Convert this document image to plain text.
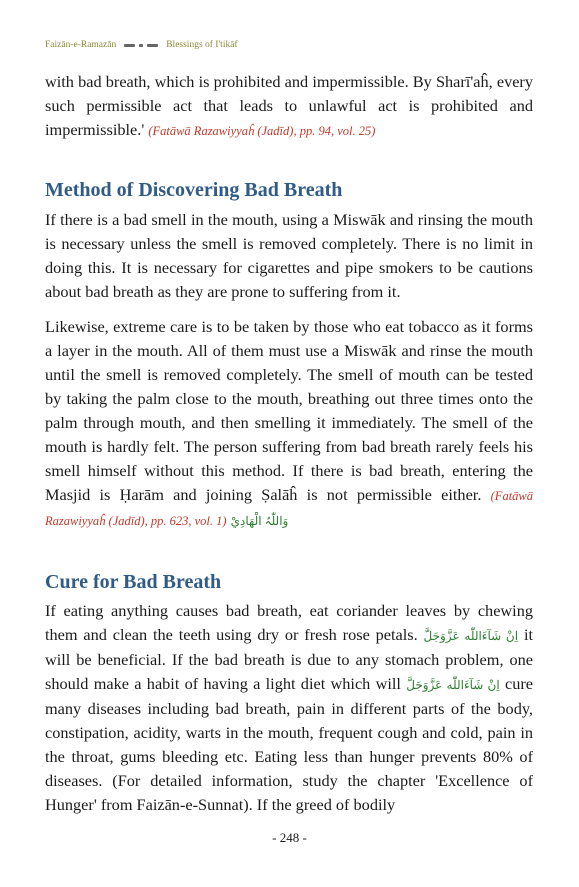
Faizān-e-Ramazān	Blessings of I'tikāf

with bad breath, which is prohibited and impermissible. By Sharī'aĥ, every such permissible act that leads to unlawful act is prohibited and impermissible.' (Fatāwā Razawiyyaĥ (Jadīd), pp. 94, vol. 25)

Method of Discovering Bad Breath

If there is a bad smell in the mouth, using a Miswāk and rinsing the mouth is necessary unless the smell is removed completely. There is no limit in doing this. It is necessary for cigarettes and pipe smokers to be cautions about bad breath as they are prone to suffering from it.

Likewise, extreme care is to be taken by those who eat tobacco as it forms a layer in the mouth. All of them must use a Miswāk and rinse the mouth until the smell is removed completely. The smell of mouth can be tested by taking the palm close to the mouth, breathing out three times onto the palm through mouth, and then smelling it immediately. The smell of the mouth is hardly felt. The person suffering from bad breath rarely feels his smell himself without this method. If there is bad breath, entering the Masjid is Ḥarām and joining Ṣalāĥ is not permissible either. (Fatāwā Razawiyyaĥ (Jadīd), pp. 623, vol. 1) وَاللّٰہُ الْهَادِيْ

Cure for Bad Breath

If eating anything causes bad breath, eat coriander leaves by chewing them and clean the teeth using dry or fresh rose petals. اِنْ شَآءَاللّٰه عَزَّوَجَلَّ it will be beneficial. If the bad breath is due to any stomach problem, one should make a habit of having a light diet which will اِنْ شَآءَاللّٰه عَزَّوَجَلَّ cure many diseases including bad breath, pain in different parts of the body, constipation, acidity, warts in the mouth, frequent cough and cold, pain in the throat, gums bleeding etc. Eating less than hunger prevents 80% of diseases. (For detailed information, study the chapter 'Excellence of Hunger' from Faizān-e-Sunnat). If the greed of bodily

- 248 -
